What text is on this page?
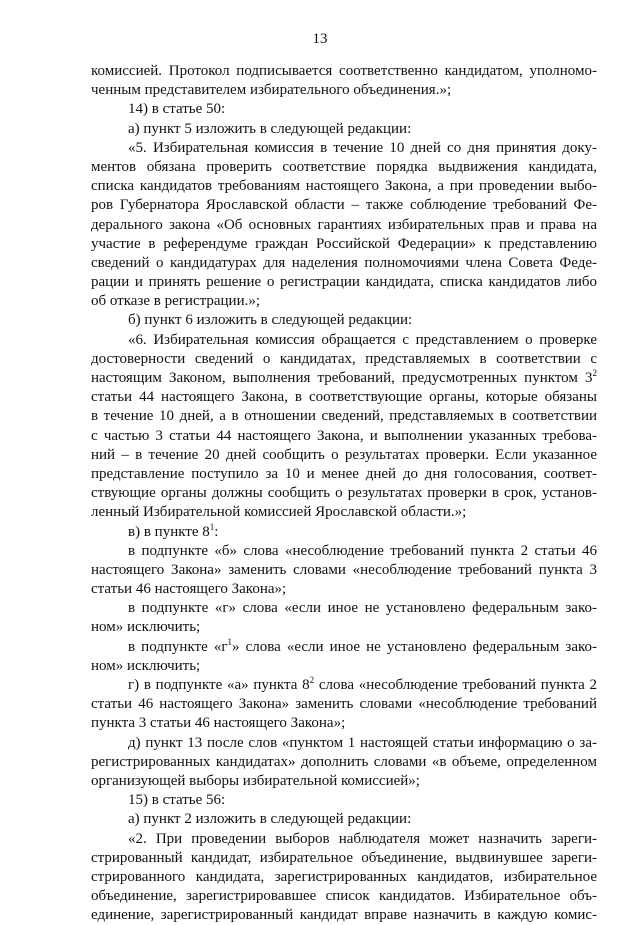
13
комиссией. Протокол подписывается соответственно кандидатом, уполномо-
ченным представителем избирательного объединения.»;
14) в статье 50:
а) пункт 5 изложить в следующей редакции:
«5. Избирательная комиссия в течение 10 дней со дня принятия доку-
ментов обязана проверить соответствие порядка выдвижения кандидата,
списка кандидатов требованиям настоящего Закона, а при проведении выбо-
ров Губернатора Ярославской области – также соблюдение требований Фе-
дерального закона «Об основных гарантиях избирательных прав и права на
участие в референдуме граждан Российской Федерации» к представлению
сведений о кандидатурах для наделения полномочиями члена Совета Феде-
рации и принять решение о регистрации кандидата, списка кандидатов либо
об отказе в регистрации.»;
б) пункт 6 изложить в следующей редакции:
«6. Избирательная комиссия обращается с представлением о проверке
достоверности сведений о кандидатах, представляемых в соответствии с
настоящим Законом, выполнения требований, предусмотренных пунктом $3^2$
статьи 44 настоящего Закона, в соответствующие органы, которые обязаны
в течение 10 дней, а в отношении сведений, представляемых в соответствии
с частью 3 статьи 44 настоящего Закона, и выполнении указанных требова-
ний – в течение 20 дней сообщить о результатах проверки. Если указанное
представление поступило за 10 и менее дней до дня голосования, соответ-
ствующие органы должны сообщить о результатах проверки в срок, установ-
ленный Избирательной комиссией Ярославской области.»;
в) в пункте $8^1$:
в подпункте «б» слова «несоблюдение требований пункта 2 статьи 46
настоящего Закона» заменить словами «несоблюдение требований пункта 3
статьи 46 настоящего Закона»;
в подпункте «г» слова «если иное не установлено федеральным зако-
ном» исключить;
в подпункте «$г^1$» слова «если иное не установлено федеральным зако-
ном» исключить;
г) в подпункте «а» пункта $8^2$ слова «несоблюдение требований пункта 2
статьи 46 настоящего Закона» заменить словами «несоблюдение требований
пункта 3 статьи 46 настоящего Закона»;
д) пункт 13 после слов «пунктом 1 настоящей статьи информацию о за-
регистрированных кандидатах» дополнить словами «в объеме, определенном
организующей выборы избирательной комиссией»;
15) в статье 56:
а) пункт 2 изложить в следующей редакции:
«2. При проведении выборов наблюдателя может назначить зареги-
стрированный кандидат, избирательное объединение, выдвинувшее зареги-
стрированного кандидата, зарегистрированных кандидатов, избирательное
объединение, зарегистрировавшее список кандидатов. Избирательное объ-
единение, зарегистрированный кандидат вправе назначить в каждую комис-
